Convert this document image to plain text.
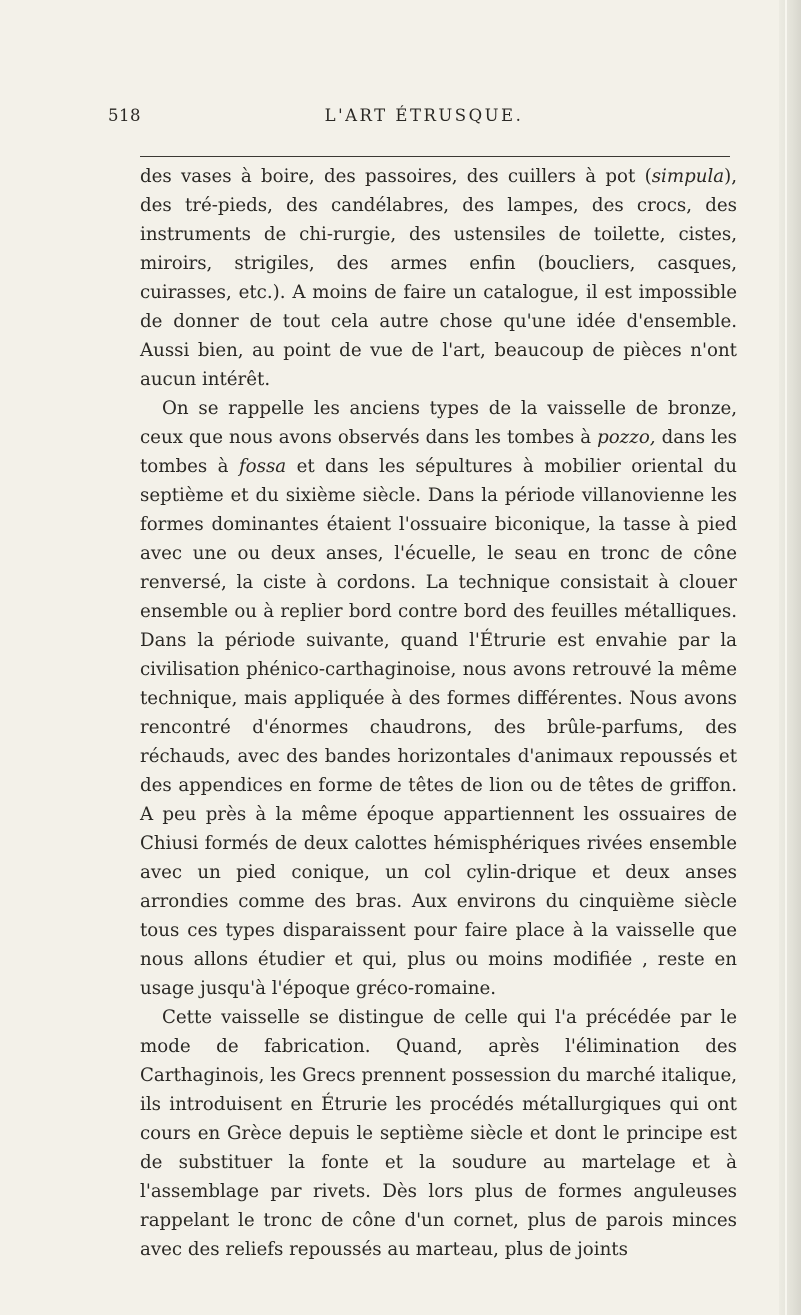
518	L'ART ÉTRUSQUE.

des vases à boire, des passoires, des cuillers à pot (simpula), des tré-pieds, des candélabres, des lampes, des crocs, des instruments de chi-rurgie, des ustensiles de toilette, cistes, miroirs, strigiles, des armes enfin (boucliers, casques, cuirasses, etc.). A moins de faire un catalogue, il est impossible de donner de tout cela autre chose qu'une idée d'ensemble. Aussi bien, au point de vue de l'art, beaucoup de pièces n'ont aucun intérêt.

On se rappelle les anciens types de la vaisselle de bronze, ceux que nous avons observés dans les tombes à pozzo, dans les tombes à fossa et dans les sépultures à mobilier oriental du septième et du sixième siècle. Dans la période villanovienne les formes dominantes étaient l'ossuaire biconique, la tasse à pied avec une ou deux anses, l'écuelle, le seau en tronc de cône renversé, la ciste à cordons. La technique consistait à clouer ensemble ou à replier bord contre bord des feuilles métalliques. Dans la période suivante, quand l'Étrurie est envahie par la civilisation phénico-carthaginoise, nous avons retrouvé la même technique, mais appliquée à des formes différentes. Nous avons rencontré d'énormes chaudrons, des brûle-parfums, des réchauds, avec des bandes horizontales d'animaux repoussés et des appendices en forme de têtes de lion ou de têtes de griffon. A peu près à la même époque appartiennent les ossuaires de Chiusi formés de deux calottes hémisphériques rivées ensemble avec un pied conique, un col cylin-drique et deux anses arrondies comme des bras. Aux environs du cinquième siècle tous ces types disparaissent pour faire place à la vaisselle que nous allons étudier et qui, plus ou moins modifiée , reste en usage jusqu'à l'époque gréco-romaine.

Cette vaisselle se distingue de celle qui l'a précédée par le mode de fabrication. Quand, après l'élimination des Carthaginois, les Grecs prennent possession du marché italique, ils introduisent en Étrurie les procédés métallurgiques qui ont cours en Grèce depuis le septième siècle et dont le principe est de substituer la fonte et la soudure au martelage et à l'assemblage par rivets. Dès lors plus de formes anguleuses rappelant le tronc de cône d'un cornet, plus de parois minces avec des reliefs repoussés au marteau, plus de joints
